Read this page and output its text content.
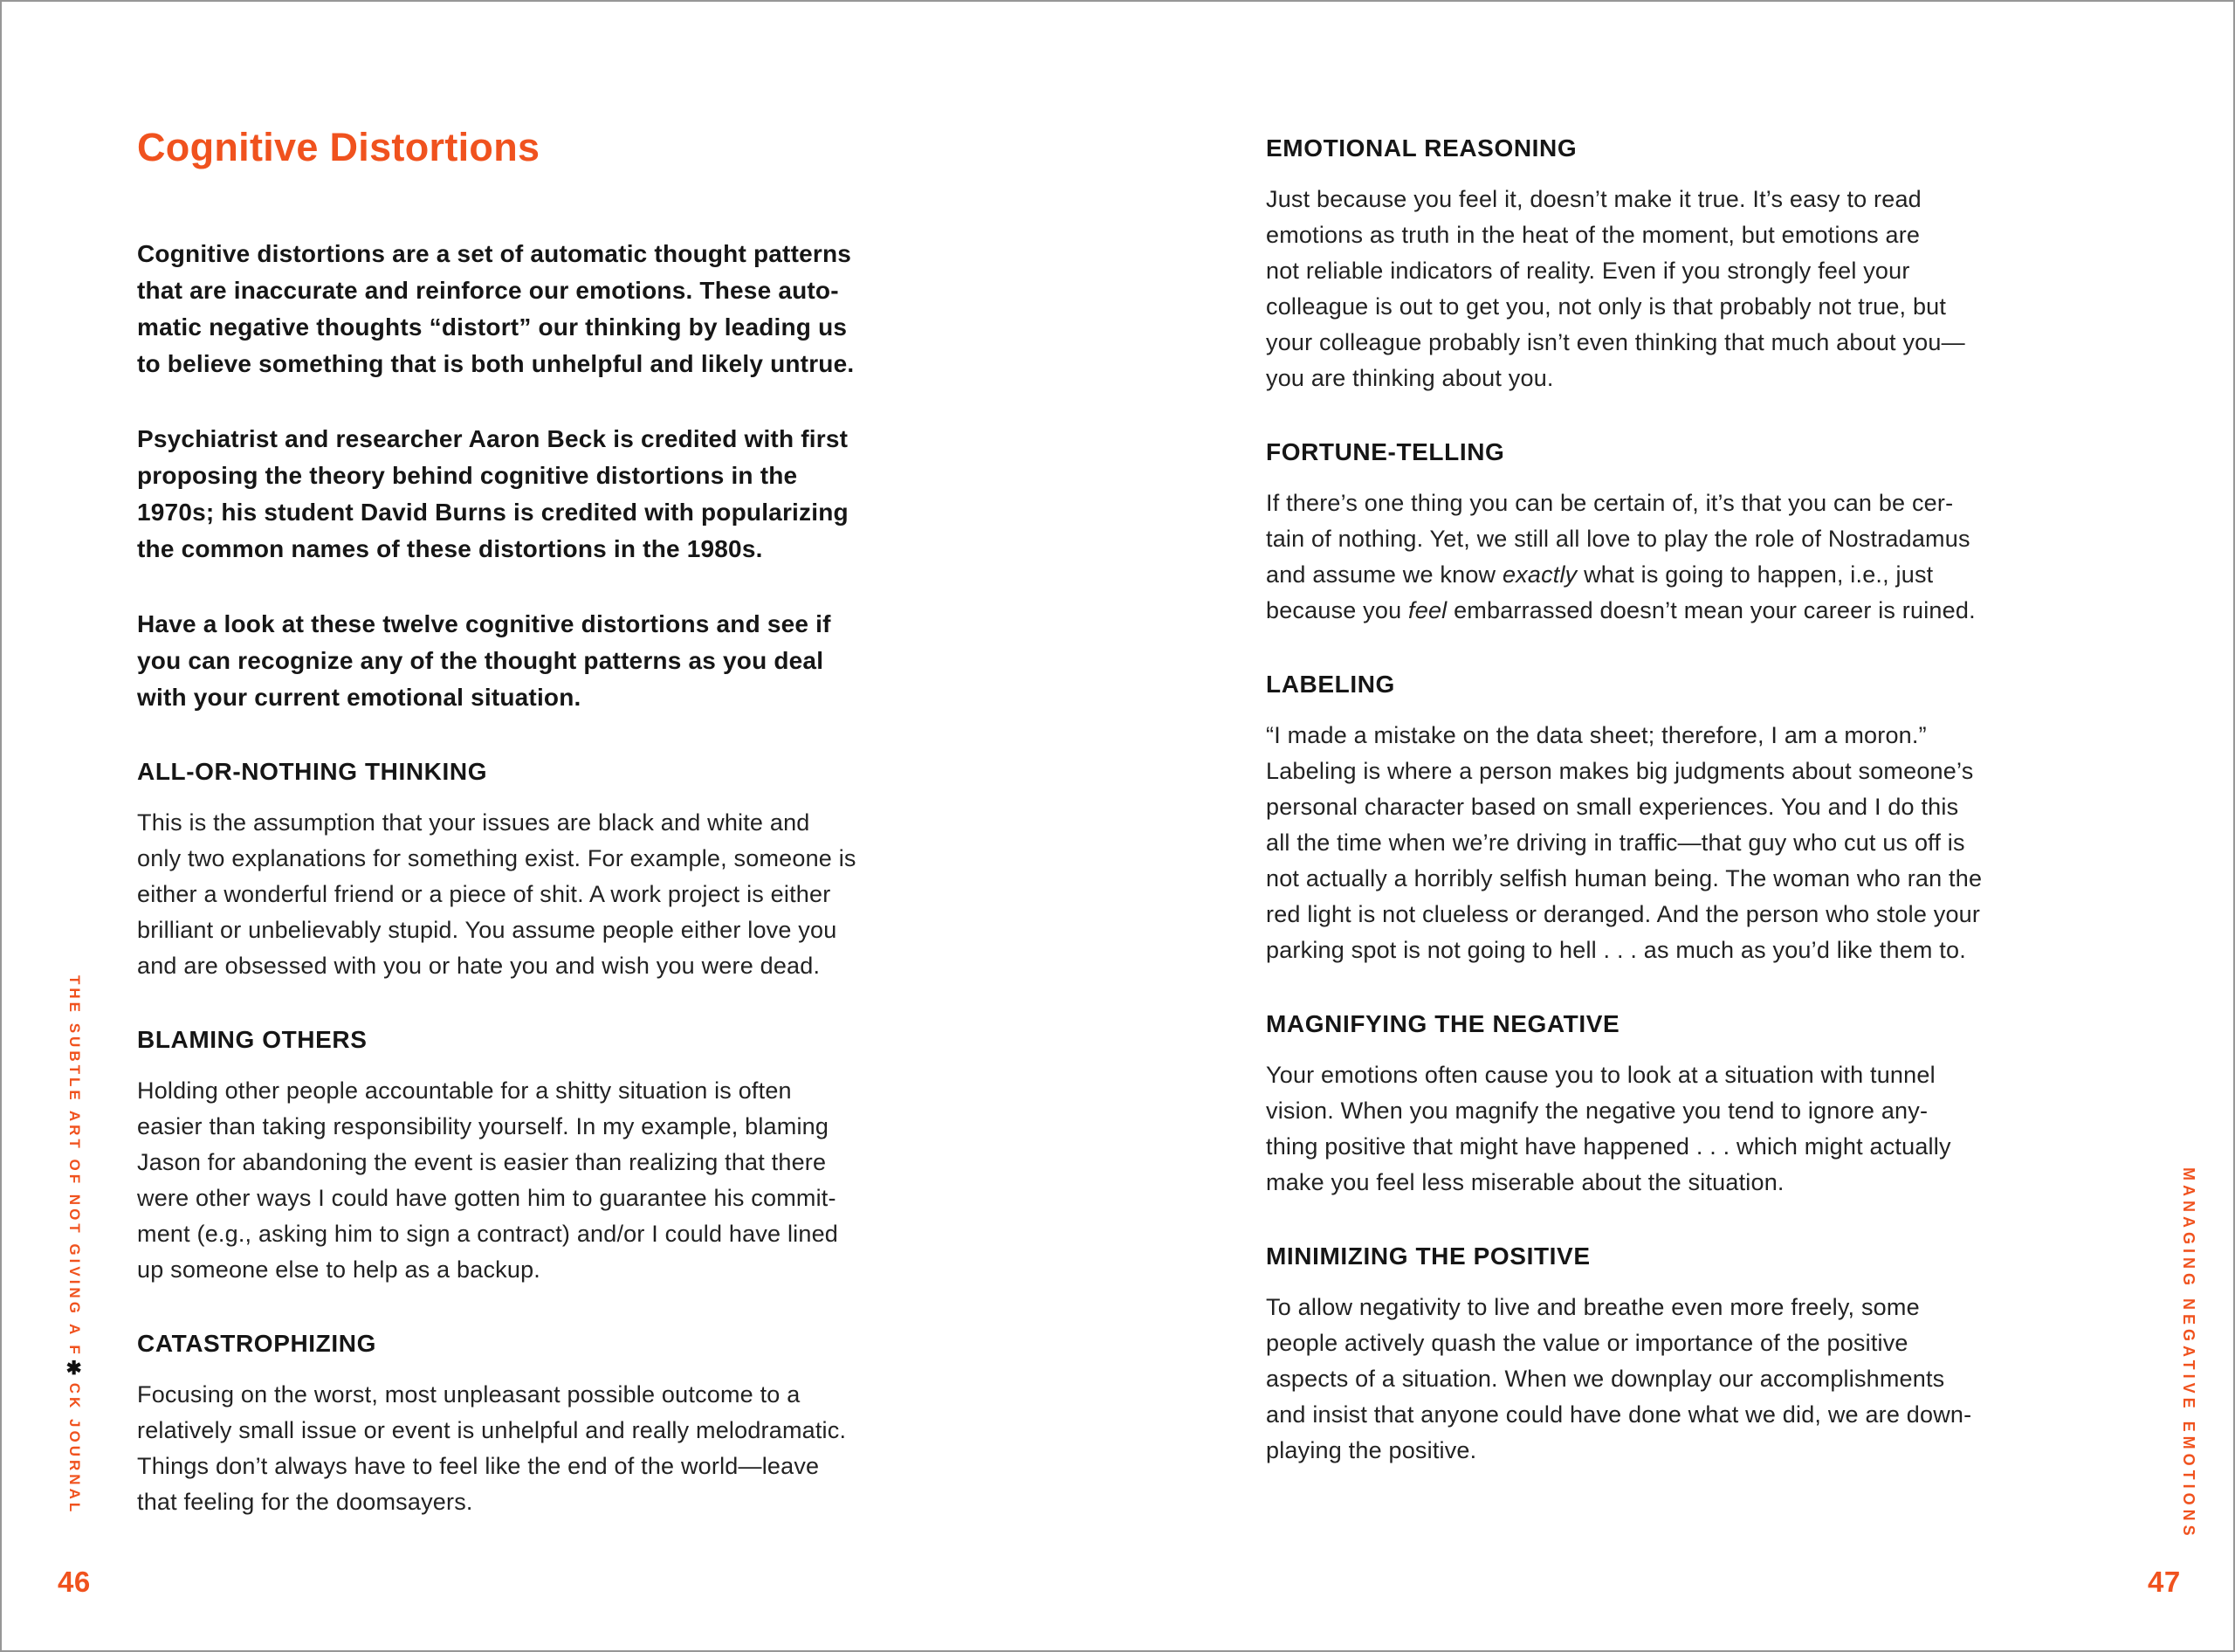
Cognitive Distortions

Cognitive distortions are a set of automatic thought patterns
that are inaccurate and reinforce our emotions. These auto-
matic negative thoughts “distort” our thinking by leading us
to believe something that is both unhelpful and likely untrue.

Psychiatrist and researcher Aaron Beck is credited with first
proposing the theory behind cognitive distortions in the
1970s; his student David Burns is credited with popularizing
the common names of these distortions in the 1980s.

Have a look at these twelve cognitive distortions and see if
you can recognize any of the thought patterns as you deal
with your current emotional situation.

ALL-OR-NOTHING THINKING

This is the assumption that your issues are black and white and
only two explanations for something exist. For example, someone is
either a wonderful friend or a piece of shit. A work project is either
brilliant or unbelievably stupid. You assume people either love you
and are obsessed with you or hate you and wish you were dead.

BLAMING OTHERS

Holding other people accountable for a shitty situation is often
easier than taking responsibility yourself. In my example, blaming
Jason for abandoning the event is easier than realizing that there
were other ways I could have gotten him to guarantee his commit-
ment (e.g., asking him to sign a contract) and/or I could have lined
up someone else to help as a backup.

CATASTROPHIZING

Focusing on the worst, most unpleasant possible outcome to a
relatively small issue or event is unhelpful and really melodramatic.
Things don’t always have to feel like the end of the world—leave
that feeling for the doomsayers.

EMOTIONAL REASONING

Just because you feel it, doesn’t make it true. It’s easy to read
emotions as truth in the heat of the moment, but emotions are
not reliable indicators of reality. Even if you strongly feel your
colleague is out to get you, not only is that probably not true, but
your colleague probably isn’t even thinking that much about you—
you are thinking about you.

FORTUNE-TELLING

If there’s one thing you can be certain of, it’s that you can be cer-
tain of nothing. Yet, we still all love to play the role of Nostradamus
and assume we know exactly what is going to happen, i.e., just
because you feel embarrassed doesn’t mean your career is ruined.

LABELING

“I made a mistake on the data sheet; therefore, I am a moron.”
Labeling is where a person makes big judgments about someone’s
personal character based on small experiences. You and I do this
all the time when we’re driving in traffic—that guy who cut us off is
not actually a horribly selfish human being. The woman who ran the
red light is not clueless or deranged. And the person who stole your
parking spot is not going to hell . . . as much as you’d like them to.

MAGNIFYING THE NEGATIVE

Your emotions often cause you to look at a situation with tunnel
vision. When you magnify the negative you tend to ignore any-
thing positive that might have happened . . . which might actually
make you feel less miserable about the situation.

MINIMIZING THE POSITIVE

To allow negativity to live and breathe even more freely, some
people actively quash the value or importance of the positive
aspects of a situation. When we downplay our accomplishments
and insist that anyone could have done what we did, we are down-
playing the positive.

THE SUBTLE ART OF NOT GIVING A F✱CK JOURNAL	MANAGING NEGATIVE EMOTIONS
46	47
